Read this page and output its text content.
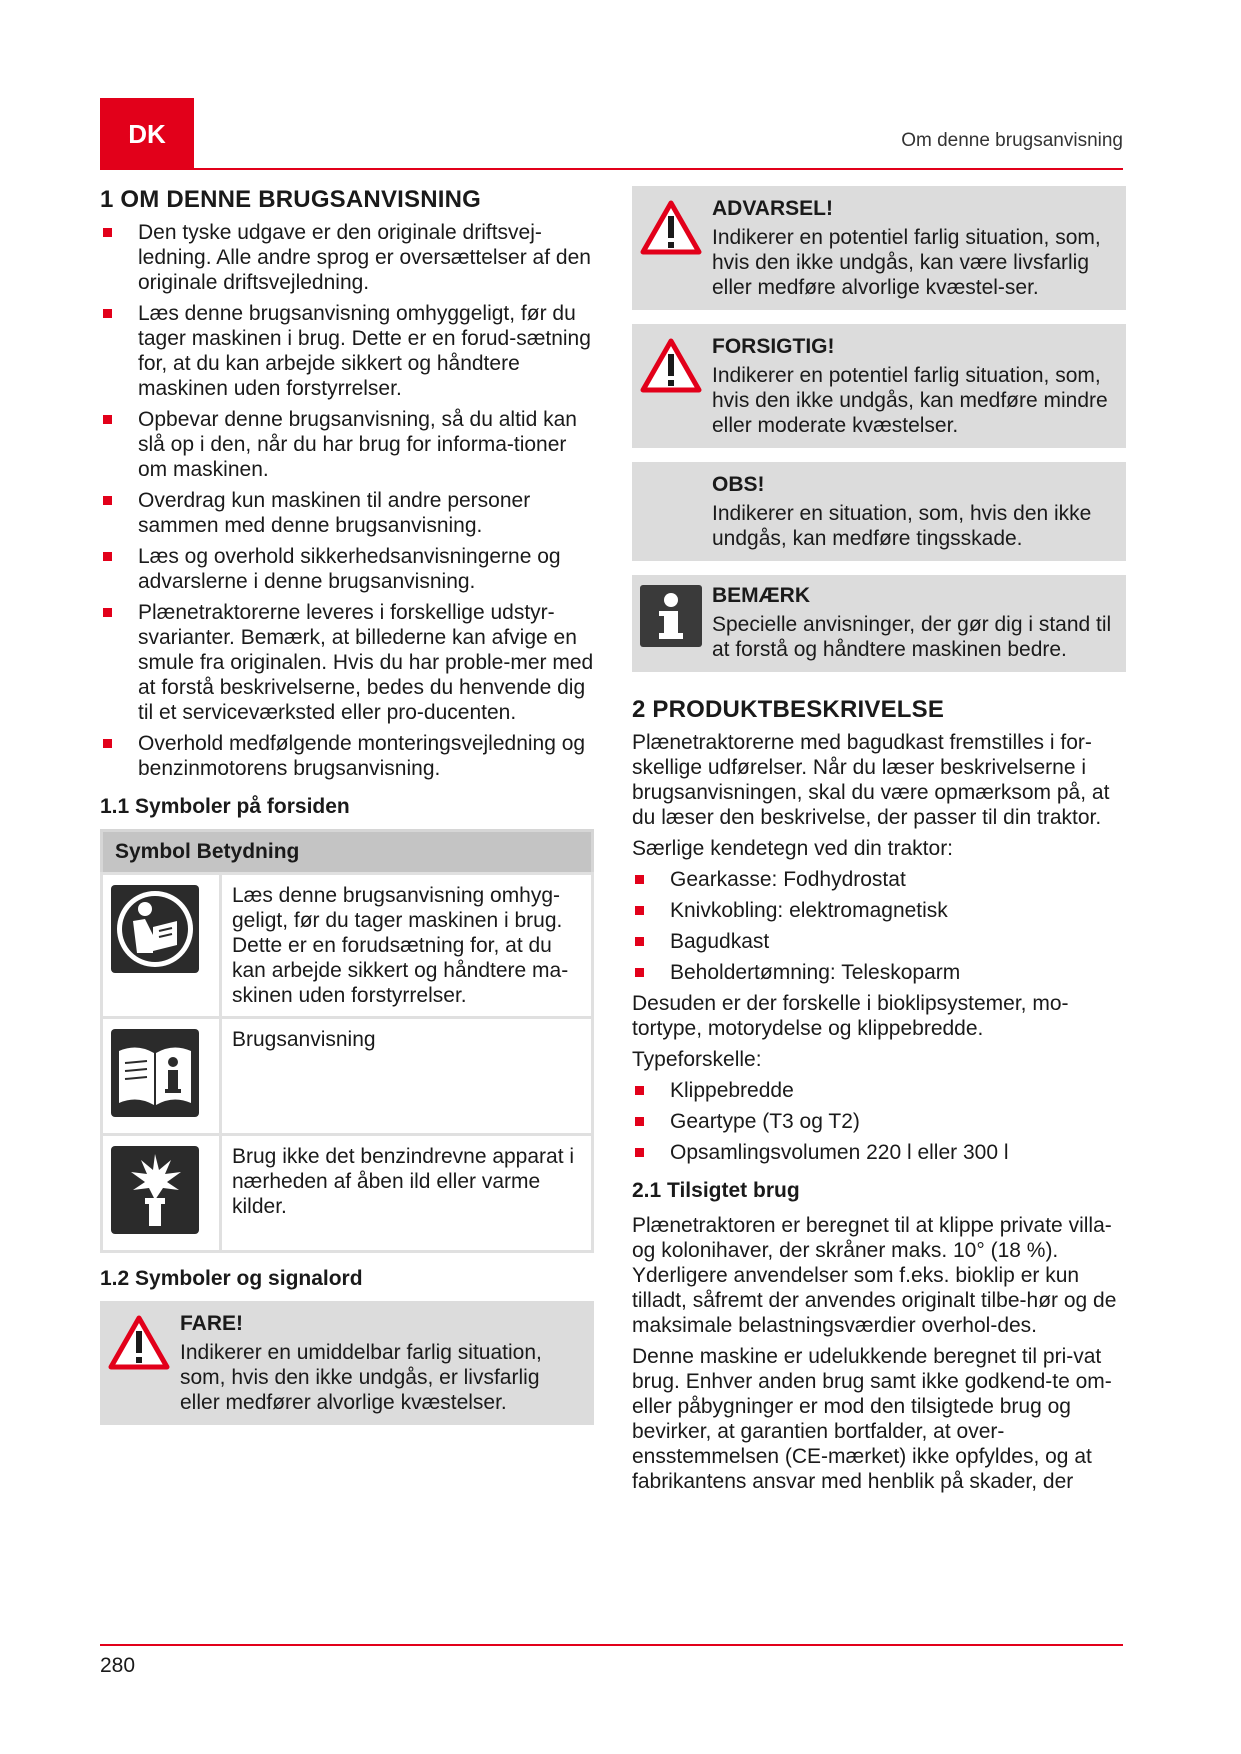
DK	Om denne brugsanvisning
1 OM DENNE BRUGSANVISNING
Den tyske udgave er den originale driftsvej-ledning. Alle andre sprog er oversættelser af den originale driftsvejledning.
Læs denne brugsanvisning omhyggeligt, før du tager maskinen i brug. Dette er en forud-sætning for, at du kan arbejde sikkert og håndtere maskinen uden forstyrrelser.
Opbevar denne brugsanvisning, så du altid kan slå op i den, når du har brug for informa-tioner om maskinen.
Overdrag kun maskinen til andre personer sammen med denne brugsanvisning.
Læs og overhold sikkerhedsanvisningerne og advarslerne i denne brugsanvisning.
Plænetraktorerne leveres i forskellige udstyr-svarianter. Bemærk, at billederne kan afvige en smule fra originalen. Hvis du har proble-mer med at forstå beskrivelserne, bedes du henvende dig til et serviceværksted eller pro-ducenten.
Overhold medfølgende monteringsvejledning og benzinmotorens brugsanvisning.
1.1 Symboler på forsiden
Symbol Betydning	
	Læs denne brugsanvisning omhyg-geligt, før du tager maskinen i brug. Dette er en forudsætning for, at du kan arbejde sikkert og håndtere ma-skinen uden forstyrrelser.
	Brugsanvisning
	Brug ikke det benzindrevne apparat i nærheden af åben ild eller varme kilder.
1.2 Symboler og signalord
FARE!
Indikerer en umiddelbar farlig situation, som, hvis den ikke undgås, er livsfarlig eller medfører alvorlige kvæstelser.
ADVARSEL!
Indikerer en potentiel farlig situation, som, hvis den ikke undgås, kan være livsfarlig eller medføre alvorlige kvæstel-ser.
FORSIGTIG!
Indikerer en potentiel farlig situation, som, hvis den ikke undgås, kan medføre mindre eller moderate kvæstelser.
OBS!
Indikerer en situation, som, hvis den ikke undgås, kan medføre tingsskade.
BEMÆRK
Specielle anvisninger, der gør dig i stand til at forstå og håndtere maskinen bedre.
2 PRODUKTBESKRIVELSE

Plænetraktorerne med bagudkast fremstilles i for-skellige udførelser. Når du læser beskrivelserne i brugsanvisningen, skal du være opmærksom på, at du læser den beskrivelse, der passer til din traktor.

Særlige kendetegn ved din traktor:

Gearkasse: Fodhydrostat
Knivkobling: elektromagnetisk
Bagudkast
Beholdertømning: Teleskoparm

Desuden er der forskelle i bioklipsystemer, mo-tortype, motorydelse og klippebredde.

Typeforskelle:

Klippebredde
Geartype (T3 og T2)
Opsamlingsvolumen 220 l eller 300 l
2.1 Tilsigtet brug

Plænetraktoren er beregnet til at klippe private villa- og kolonihaver, der skråner maks. 10° (18 %). Yderligere anvendelser som f.eks. bioklip er kun tilladt, såfremt der anvendes originalt tilbe-hør og de maksimale belastningsværdier overhol-des.

Denne maskine er udelukkende beregnet til pri-vat brug. Enhver anden brug samt ikke godkend-te om- eller påbygninger er mod den tilsigtede brug og bevirker, at garantien bortfalder, at over-ensstemmelsen (CE-mærket) ikke opfyldes, og at fabrikantens ansvar med henblik på skader, der

280
